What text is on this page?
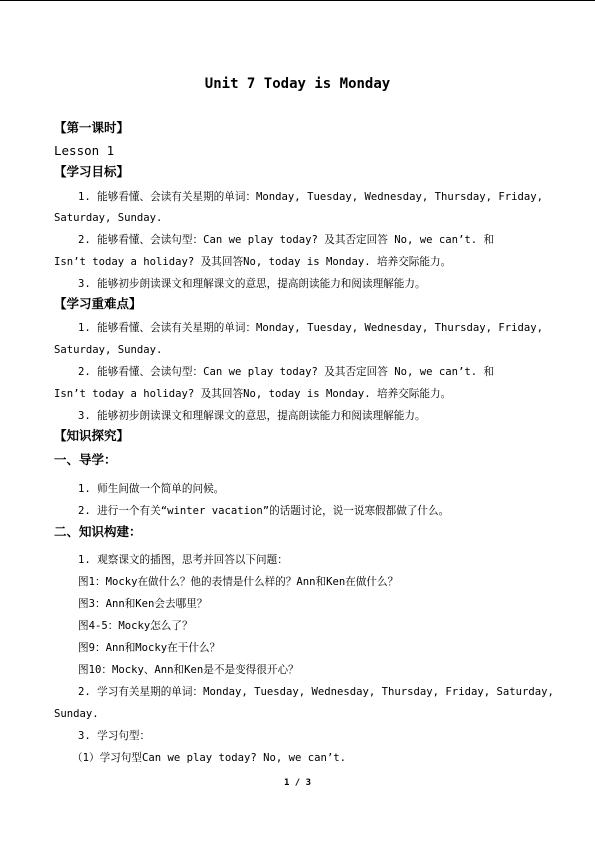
Unit 7 Today is Monday
【第一课时】
Lesson 1
【学习目标】
1. 能够看懂、会读有关星期的单词：Monday, Tuesday, Wednesday, Thursday, Friday,
Saturday, Sunday.
2. 能够看懂、会读句型：Can we play today? 及其否定回答 No, we can’t. 和
Isn’t today a holiday? 及其回答No, today is Monday. 培养交际能力。
3. 能够初步朗读课文和理解课文的意思，提高朗读能力和阅读理解能力。
【学习重难点】
1. 能够看懂、会读有关星期的单词：Monday, Tuesday, Wednesday, Thursday, Friday,
Saturday, Sunday.
2. 能够看懂、会读句型：Can we play today? 及其否定回答 No, we can’t. 和
Isn’t today a holiday? 及其回答No, today is Monday. 培养交际能力。
3. 能够初步朗读课文和理解课文的意思，提高朗读能力和阅读理解能力。
【知识探究】
一、导学：
1. 师生间做一个简单的问候。
2. 进行一个有关“winter vacation”的话题讨论，说一说寒假都做了什么。
二、知识构建：
1. 观察课文的插图，思考并回答以下问题：
图1：Mocky在做什么？他的表情是什么样的？Ann和Ken在做什么？
图3：Ann和Ken会去哪里？
图4-5：Mocky怎么了？
图9：Ann和Mocky在干什么？
图10：Mocky、Ann和Ken是不是变得很开心？
2. 学习有关星期的单词：Monday, Tuesday, Wednesday, Thursday, Friday, Saturday,
Sunday.
3. 学习句型：
（1）学习句型Can we play today? No, we can’t.
1 / 3
